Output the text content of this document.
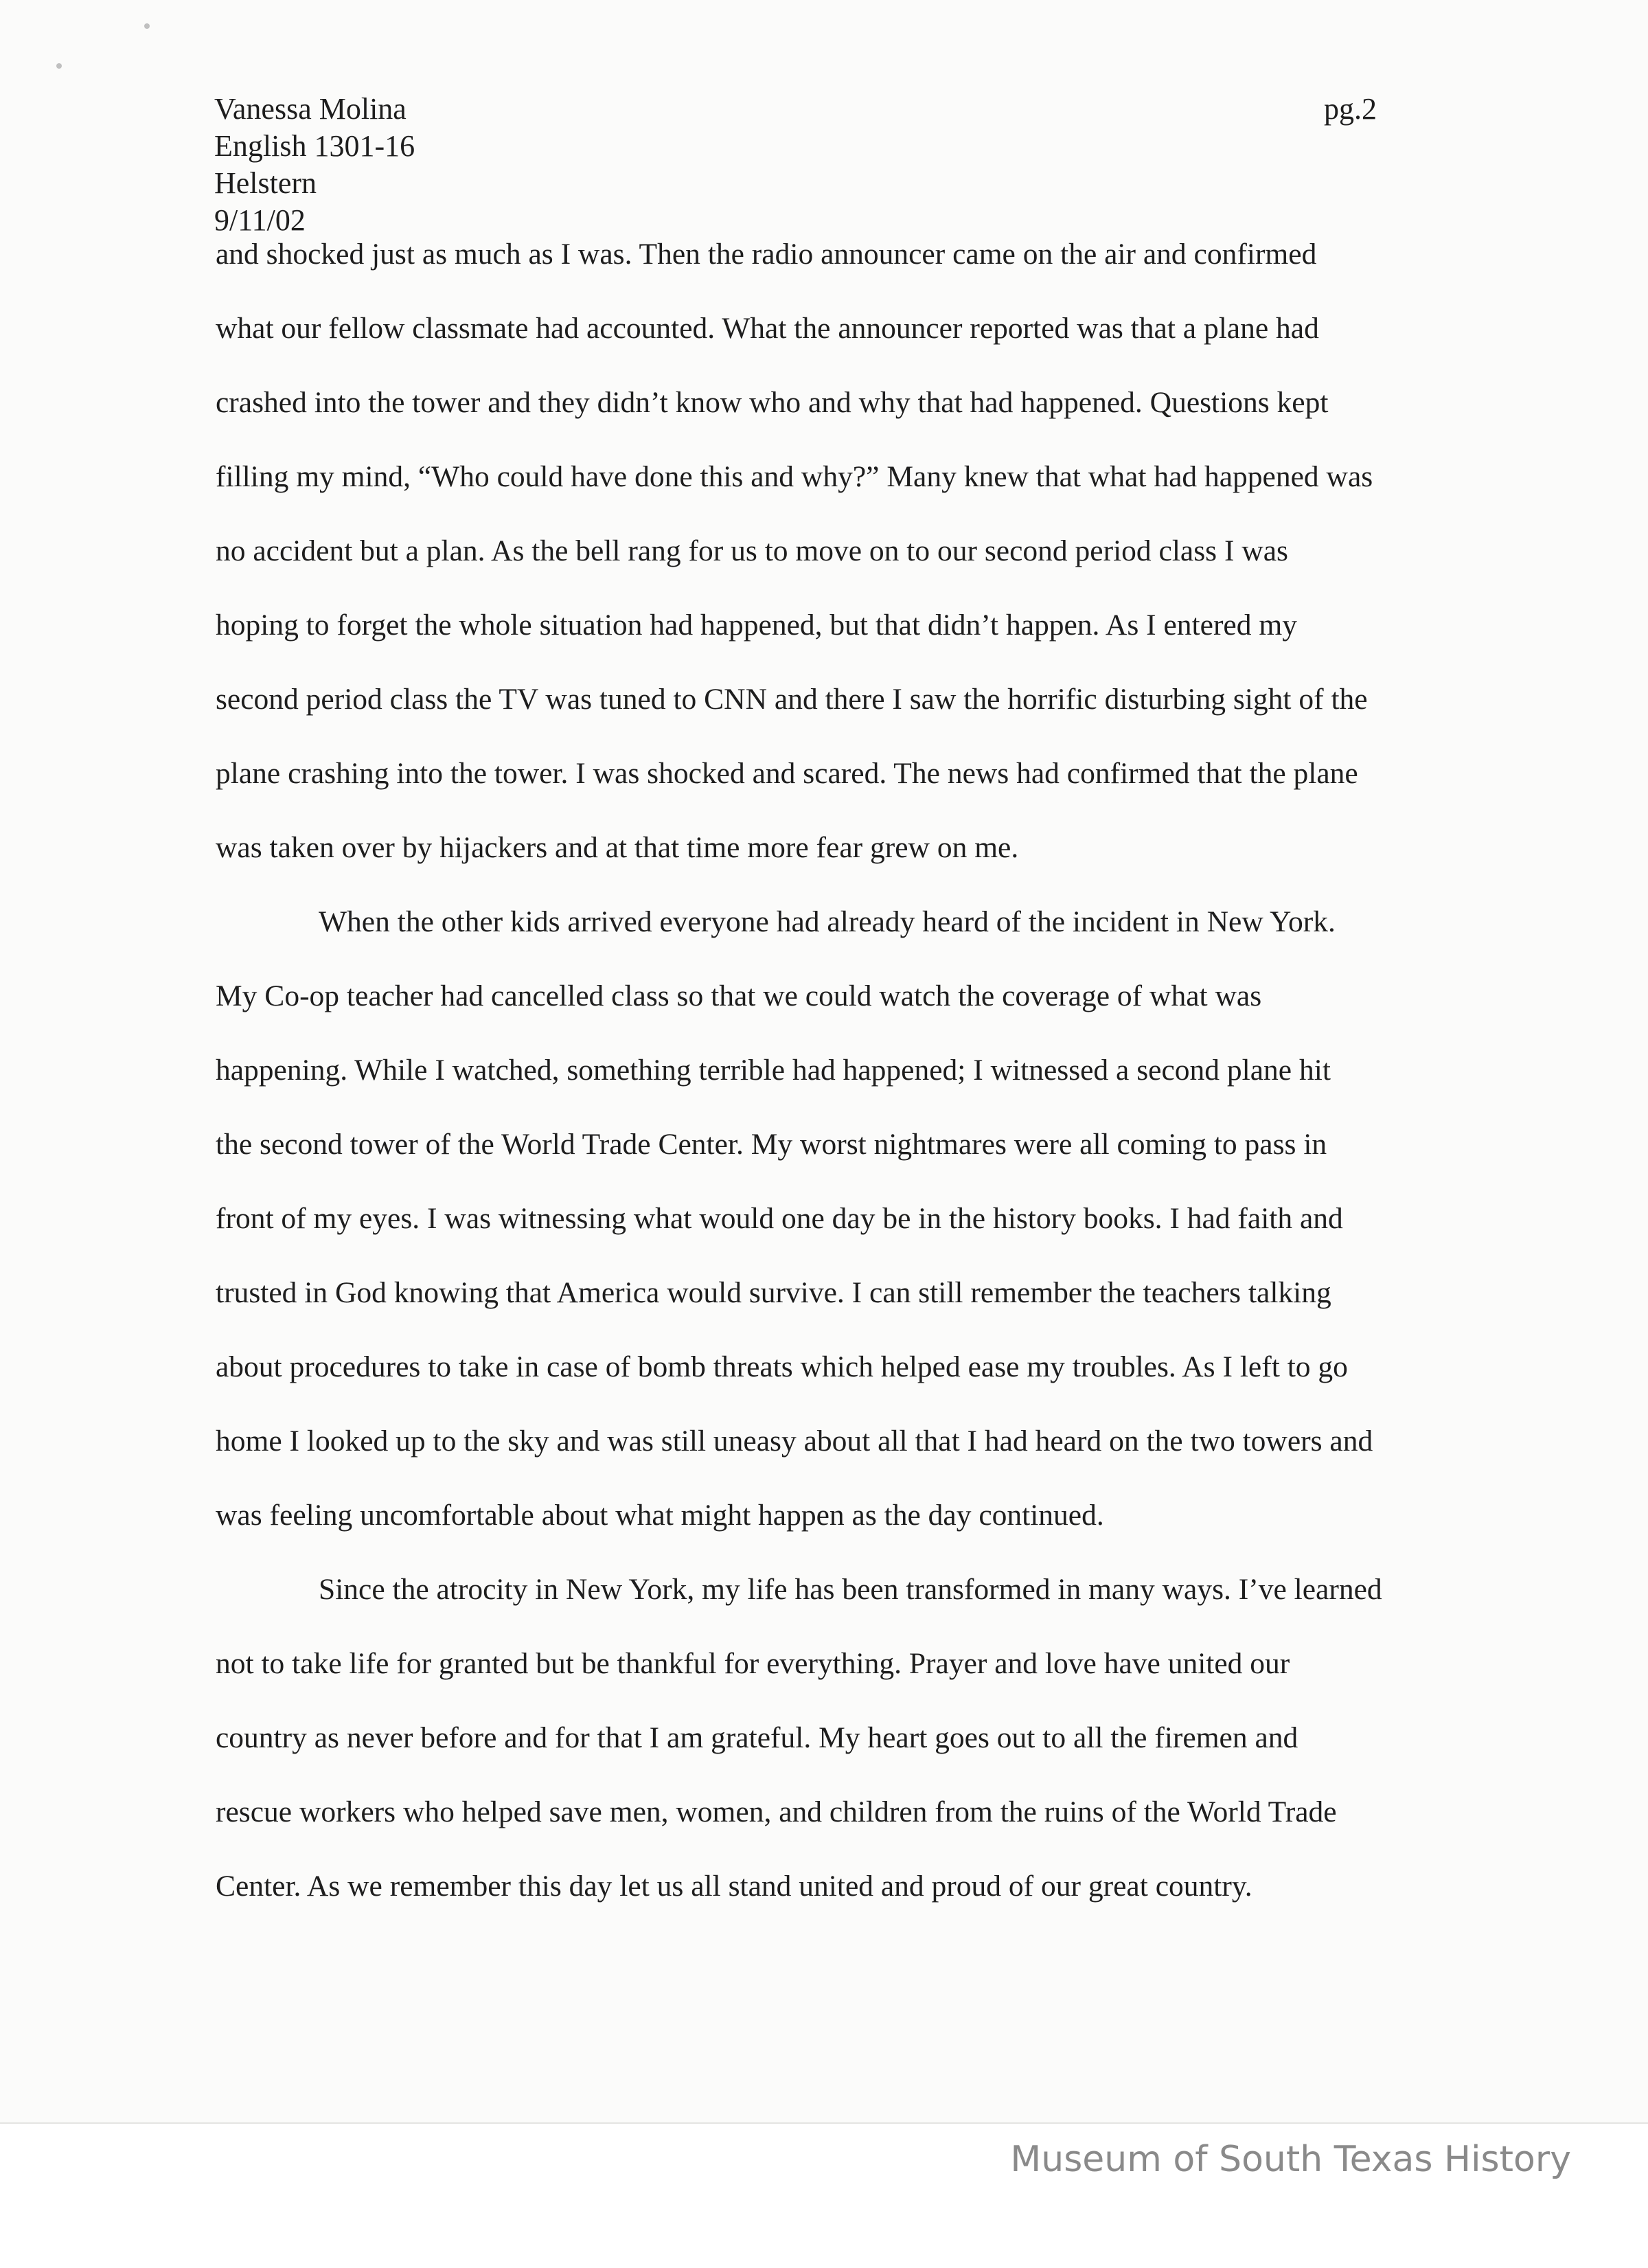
Vanessa Molina
English 1301-16
Helstern
9/11/02
pg.2
and shocked just as much as I was. Then the radio announcer came on the air and confirmed
what our fellow classmate had accounted. What the announcer reported was that a plane had
crashed into the tower and they didn’t know who and why that had happened. Questions kept
filling my mind, “Who could have done this and why?” Many knew that what had happened was
no accident but a plan. As the bell rang for us to move on to our second period class I was
hoping to forget the whole situation had happened, but that didn’t happen. As I entered my
second period class the TV was tuned to CNN and there I saw the horrific disturbing sight of the
plane crashing into the tower. I was shocked and scared. The news had confirmed that the plane
was taken over by hijackers and at that time more fear grew on me.
When the other kids arrived everyone had already heard of the incident in New York.
My Co-op teacher had cancelled class so that we could watch the coverage of what was
happening. While I watched, something terrible had happened; I witnessed a second plane hit
the second tower of the World Trade Center. My worst nightmares were all coming to pass in
front of my eyes. I was witnessing what would one day be in the history books. I had faith and
trusted in God knowing that America would survive. I can still remember the teachers talking
about procedures to take in case of bomb threats which helped ease my troubles. As I left to go
home I looked up to the sky and was still uneasy about all that I had heard on the two towers and
was feeling uncomfortable about what might happen as the day continued.
Since the atrocity in New York, my life has been transformed in many ways. I’ve learned
not to take life for granted but be thankful for everything. Prayer and love have united our
country as never before and for that I am grateful. My heart goes out to all the firemen and
rescue workers who helped save men, women, and children from the ruins of the World Trade
Center. As we remember this day let us all stand united and proud of our great country.
Museum of South Texas History
